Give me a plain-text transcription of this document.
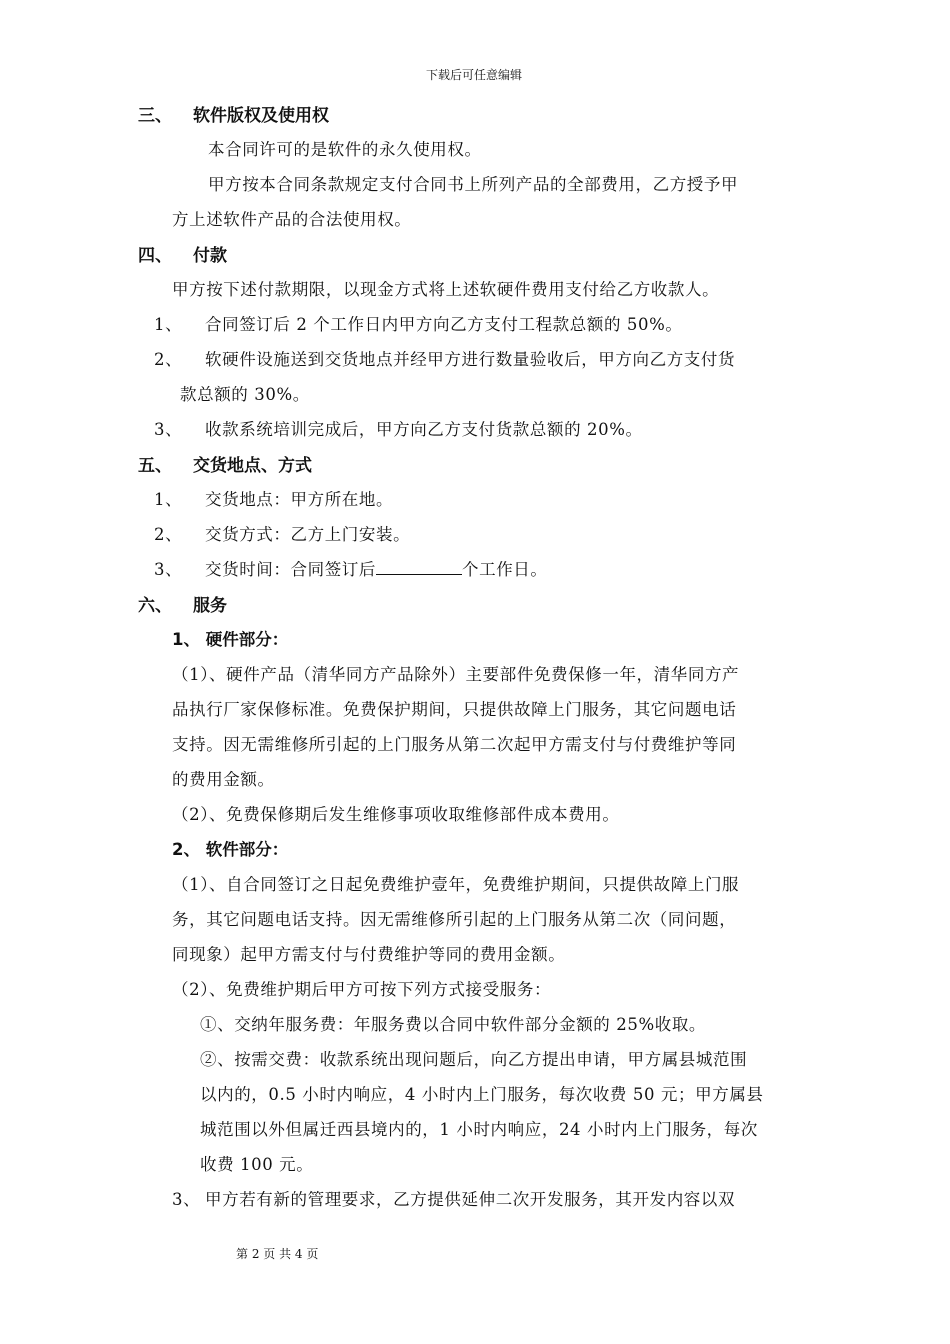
下载后可任意编辑
三、 软件版权及使用权
本合同许可的是软件的永久使用权。
甲方按本合同条款规定支付合同书上所列产品的全部费用，乙方授予甲
方上述软件产品的合法使用权。
四、 付款
甲方按下述付款期限，以现金方式将上述软硬件费用支付给乙方收款人。
1、 合同签订后 2 个工作日内甲方向乙方支付工程款总额的 50%。
2、 软硬件设施送到交货地点并经甲方进行数量验收后，甲方向乙方支付货
款总额的 30%。
3、 收款系统培训完成后，甲方向乙方支付货款总额的 20%。
五、 交货地点、方式
1、 交货地点：甲方所在地。
2、 交货方式：乙方上门安装。
3、 交货时间：合同签订后	个工作日。
六、 服务
1、 硬件部分：
（1）、硬件产品（清华同方产品除外）主要部件免费保修一年，清华同方产
品执行厂家保修标准。免费保护期间，只提供故障上门服务，其它问题电话
支持。因无需维修所引起的上门服务从第二次起甲方需支付与付费维护等同
的费用金额。
（2）、免费保修期后发生维修事项收取维修部件成本费用。
2、 软件部分：
（1）、自合同签订之日起免费维护壹年，免费维护期间，只提供故障上门服
务，其它问题电话支持。因无需维修所引起的上门服务从第二次（同问题，
同现象）起甲方需支付与付费维护等同的费用金额。
（2）、免费维护期后甲方可按下列方式接受服务：
①、交纳年服务费：年服务费以合同中软件部分金额的 25%收取。
②、按需交费：收款系统出现问题后，向乙方提出申请，甲方属县城范围
以内的，0.5 小时内响应，4 小时内上门服务，每次收费 50 元；甲方属县
城范围以外但属迁西县境内的，1 小时内响应，24 小时内上门服务，每次
收费 100 元。
3、 甲方若有新的管理要求，乙方提供延伸二次开发服务，其开发内容以双
第 2 页 共 4 页
